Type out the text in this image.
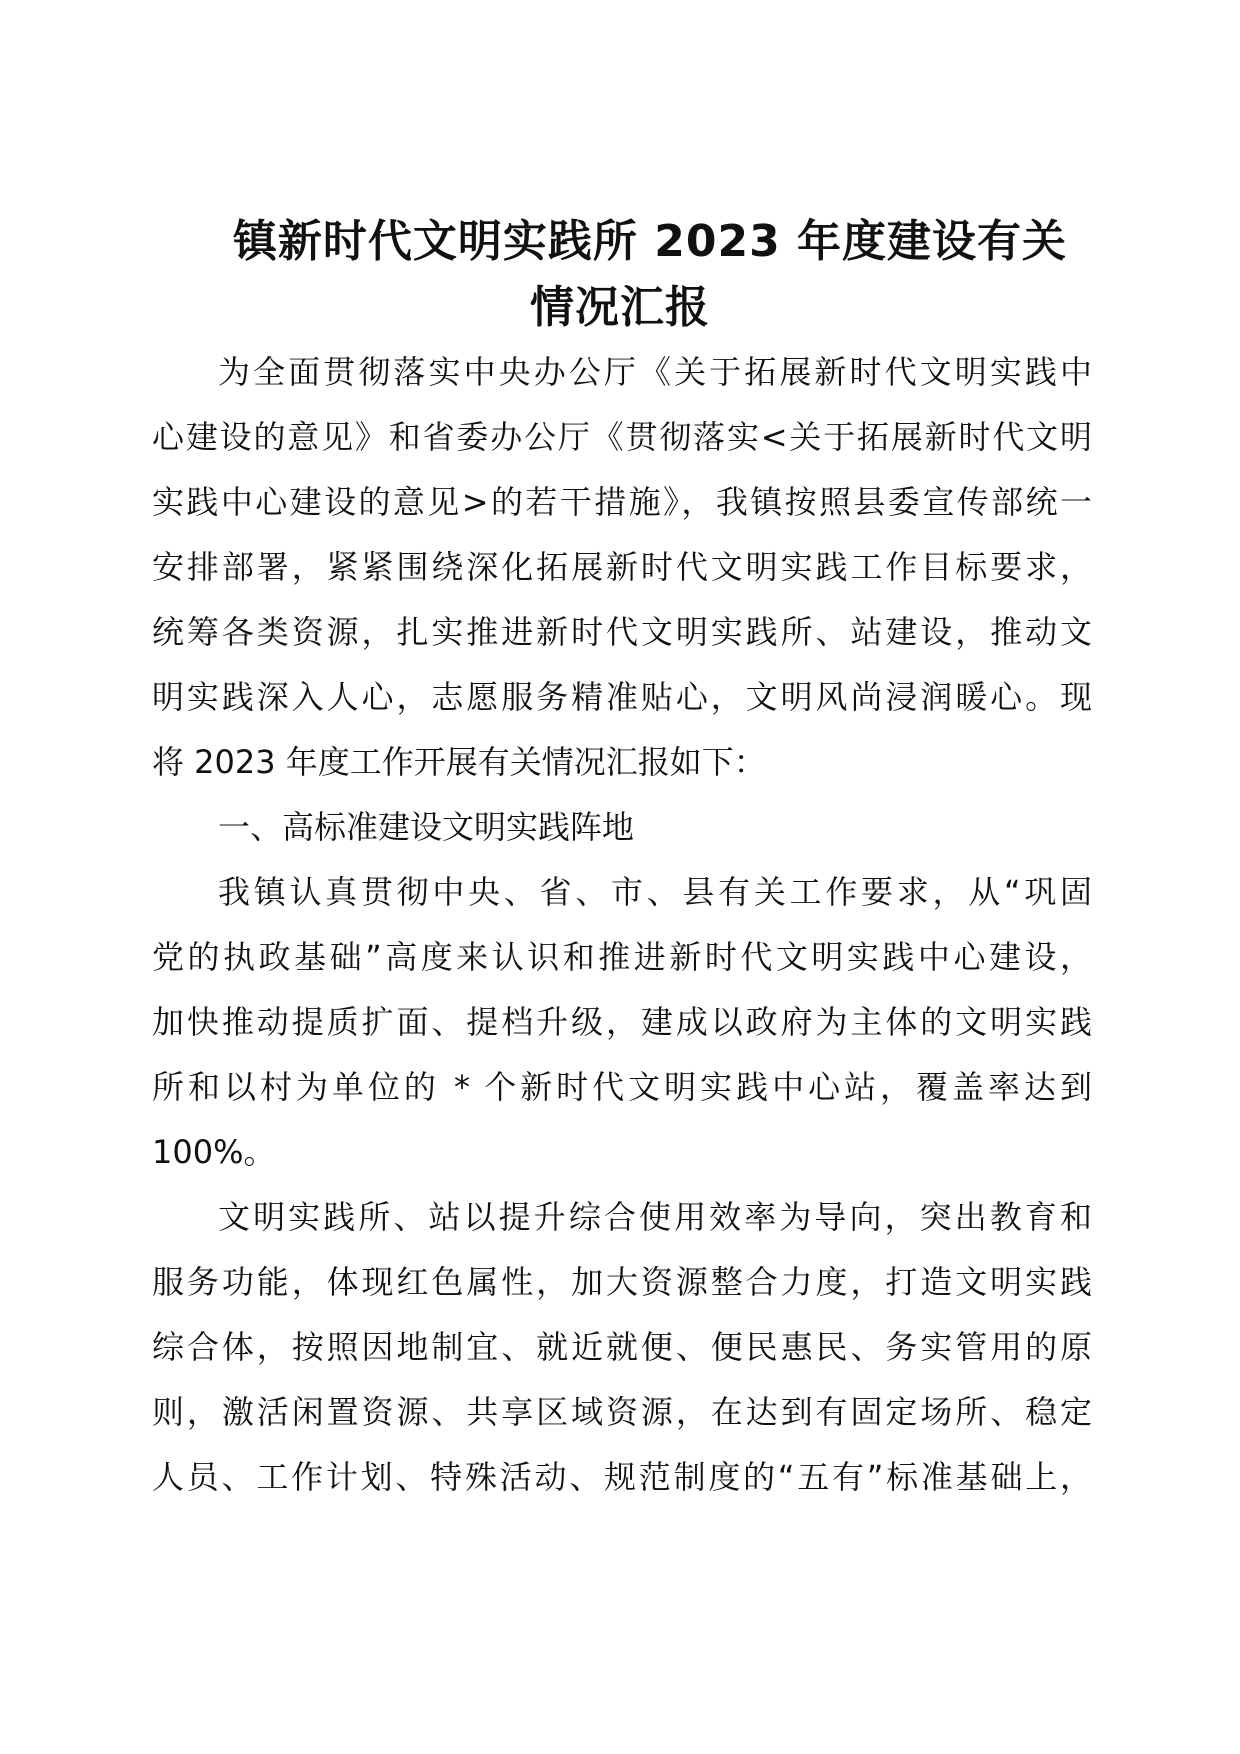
镇新时代文明实践所 2023 年度建设有关
情况汇报
为全面贯彻落实中央办公厅《关于拓展新时代文明实践中
心建设的意见》和省委办公厅《贯彻落实<关于拓展新时代文明
实践中心建设的意见>的若干措施》，我镇按照县委宣传部统一
安排部署，紧紧围绕深化拓展新时代文明实践工作目标要求，
统筹各类资源，扎实推进新时代文明实践所、站建设，推动文
明实践深入人心，志愿服务精准贴心，文明风尚浸润暖心。现
将 2023 年度工作开展有关情况汇报如下：
一、高标准建设文明实践阵地
我镇认真贯彻中央、省、市、县有关工作要求，从“巩固
党的执政基础”高度来认识和推进新时代文明实践中心建设，
加快推动提质扩面、提档升级，建成以政府为主体的文明实践
所和以村为单位的 * 个新时代文明实践中心站，覆盖率达到
100%。
文明实践所、站以提升综合使用效率为导向，突出教育和
服务功能，体现红色属性，加大资源整合力度，打造文明实践
综合体，按照因地制宜、就近就便、便民惠民、务实管用的原
则，激活闲置资源、共享区域资源，在达到有固定场所、稳定
人员、工作计划、特殊活动、规范制度的“五有”标准基础上，
